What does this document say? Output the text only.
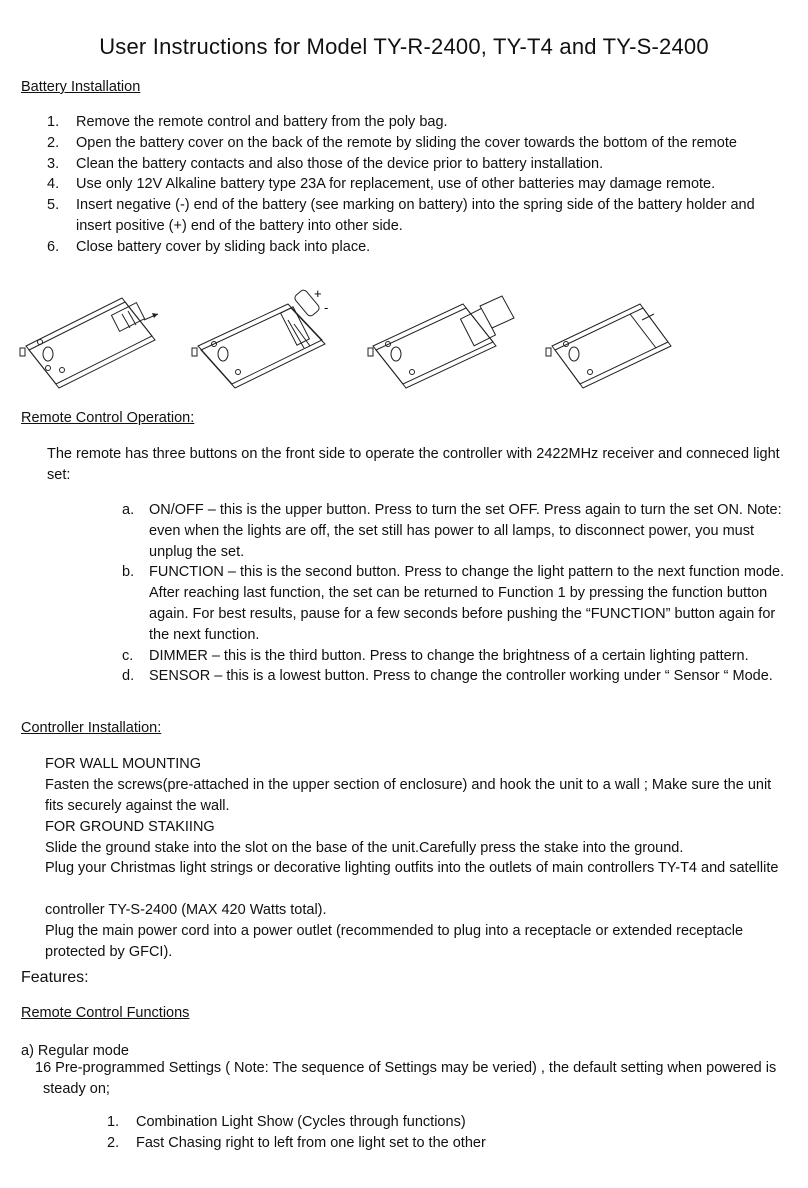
User Instructions for Model TY-R-2400, TY-T4 and TY-S-2400
Battery Installation
1. Remove the remote control and battery from the poly bag.
2. Open the battery cover on the back of the remote by sliding the cover towards the bottom of the remote
3. Clean the battery contacts and also those of the device prior to battery installation.
4. Use only 12V Alkaline battery type 23A for replacement, use of other batteries may damage remote.
5. Insert negative (-) end of the battery (see marking on battery) into the spring side of the battery holder and insert positive (+) end of the battery into other side.
6. Close battery cover by sliding back into place.
+
-
Remote Control Operation:
The remote has three buttons on the front side to operate the controller with 2422MHz receiver and conneced light set:
a. ON/OFF – this is the upper button. Press to turn the set OFF. Press again to turn the set ON. Note: even when the lights are off, the set still has power to all lamps, to disconnect power, you must unplug the set.
b. FUNCTION – this is the second button. Press to change the light pattern to the next function mode. After reaching last function, the set can be returned to Function 1 by pressing the function button again. For best results, pause for a few seconds before pushing the “FUNCTION” button again for the next function.
c. DIMMER – this is the third button. Press to change the brightness of a certain lighting pattern.
d. SENSOR – this is a lowest button. Press to change the controller working under “ Sensor “ Mode.
Controller Installation:
FOR WALL MOUNTING
Fasten the screws(pre-attached in the upper section of enclosure) and hook the unit to a wall ; Make sure the unit fits securely against the wall.
FOR GROUND STAKIING
Slide the ground stake into the slot on the base of the unit.Carefully press the stake into the ground.
Plug your Christmas light strings or decorative lighting outfits into the outlets of main controllers TY-T4 and satellite
controller TY-S-2400 (MAX 420 Watts total).
Plug the main power cord into a power outlet (recommended to plug into a receptacle or extended receptacle protected by GFCI).
Features:
Remote Control Functions
a) Regular mode
16 Pre-programmed Settings ( Note: The sequence of Settings may be veried) , the default setting when powered is steady on;
1. Combination Light Show (Cycles through functions)
2. Fast Chasing right to left from one light set to the other
